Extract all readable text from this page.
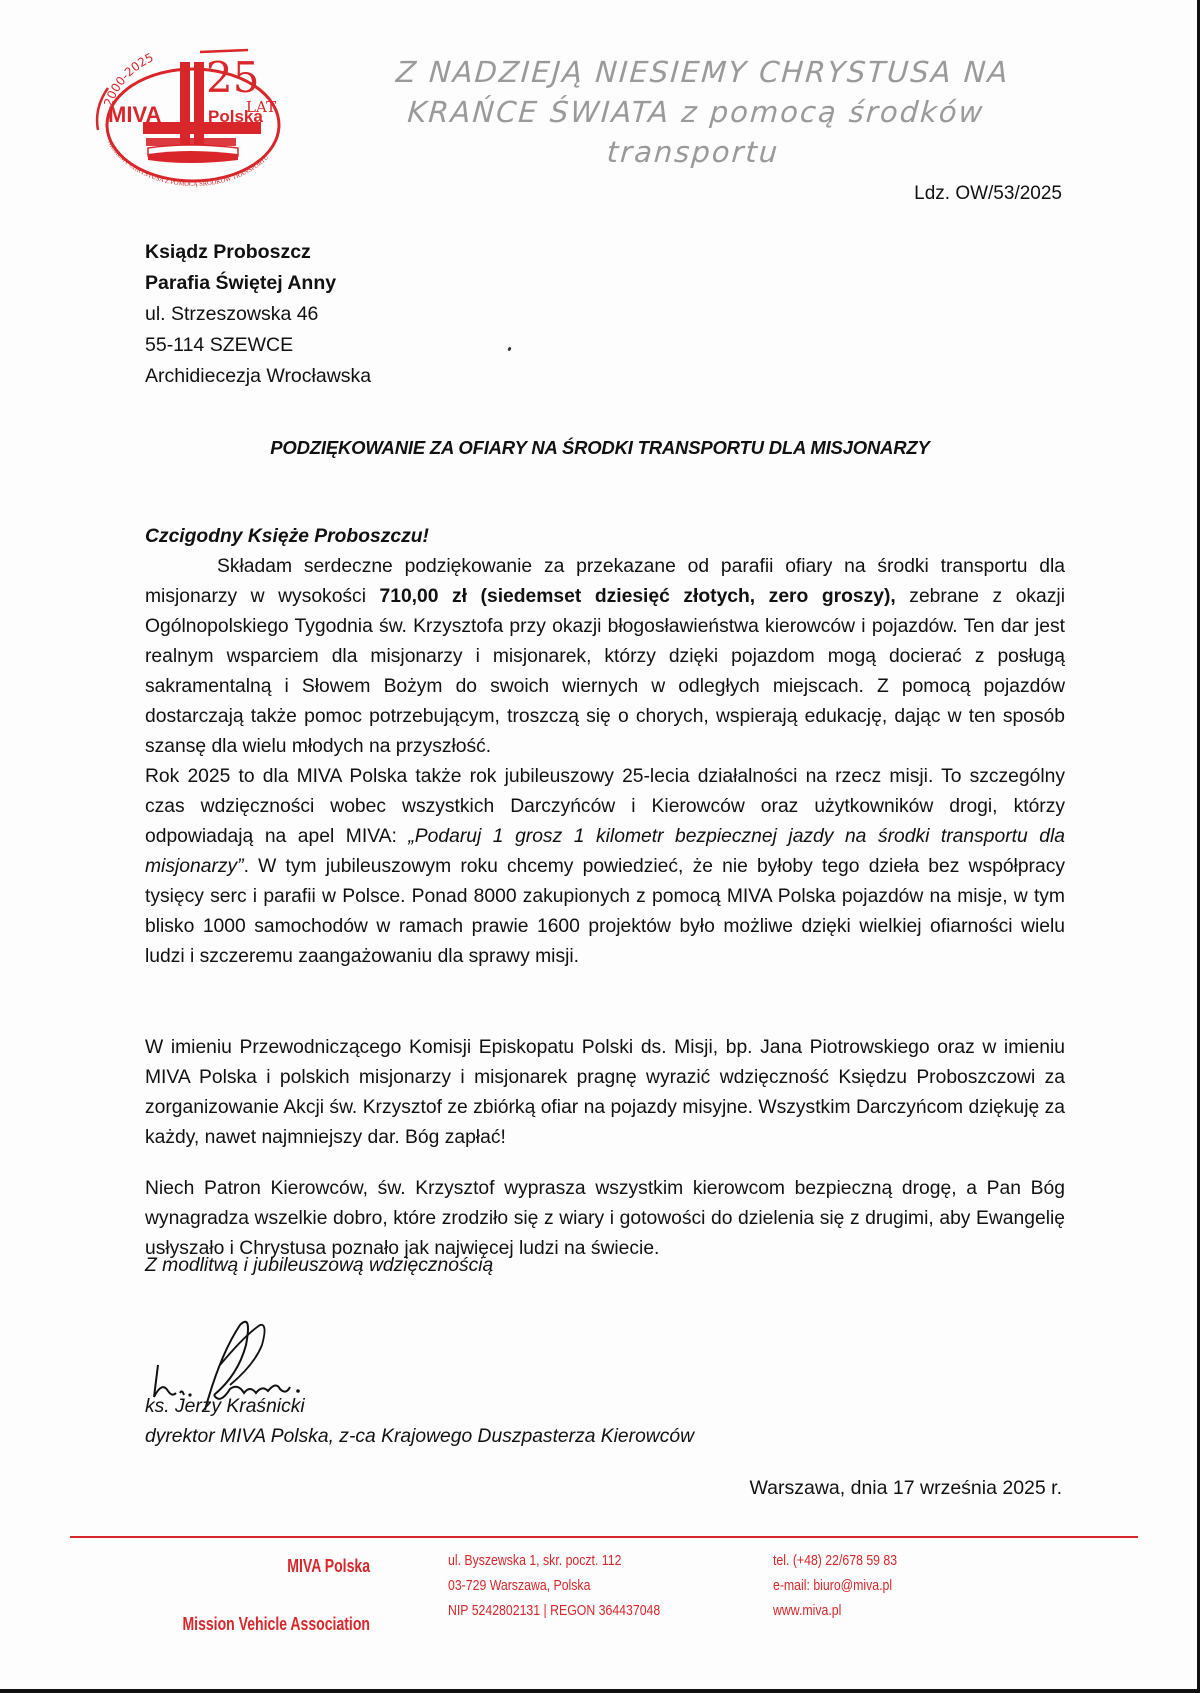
2000-2025 25
LAT
MIVA	Polska
NIESIEMY CHRYSTUSA Z POMOCĄ ŚRODKÓW TRANSPORTU
Z NADZIEJĄ NIESIEMY CHRYSTUSA NA
KRAŃCE ŚWIATA z pomocą środków transportu
Ldz. OW/53/2025
Ksiądz Proboszcz
Parafia Świętej Anny
ul. Strzeszowska 46
55-114 SZEWCE
Archidiecezja Wrocławska
PODZIĘKOWANIE ZA OFIARY NA ŚRODKI TRANSPORTU DLA MISJONARZY
Czcigodny Księże Proboszczu!

Składam serdeczne podziękowanie za przekazane od parafii ofiary na środki transportu dla misjonarzy w wysokości 710,00 zł (siedemset dziesięć złotych, zero groszy), zebrane z okazji Ogólnopolskiego Tygodnia św. Krzysztofa przy okazji błogosławieństwa kierowców i pojazdów. Ten dar jest realnym wsparciem dla misjonarzy i misjonarek, którzy dzięki pojazdom mogą docierać z posługą sakramentalną i Słowem Bożym do swoich wiernych w odległych miejscach. Z pomocą pojazdów dostarczają także pomoc potrzebującym, troszczą się o chorych, wspierają edukację, dając w ten sposób szansę dla wielu młodych na przyszłość.

Rok 2025 to dla MIVA Polska także rok jubileuszowy 25-lecia działalności na rzecz misji. To szczególny czas wdzięczności wobec wszystkich Darczyńców i Kierowców oraz użytkowników drogi, którzy odpowiadają na apel MIVA: „Podaruj 1 grosz 1 kilometr bezpiecznej jazdy na środki transportu dla misjonarzy”. W tym jubileuszowym roku chcemy powiedzieć, że nie byłoby tego dzieła bez współpracy tysięcy serc i parafii w Polsce. Ponad 8000 zakupionych z pomocą MIVA Polska pojazdów na misje, w tym blisko 1000 samochodów w ramach prawie 1600 projektów było możliwe dzięki wielkiej ofiarności wielu ludzi i szczeremu zaangażowaniu dla sprawy misji.

W imieniu Przewodniczącego Komisji Episkopatu Polski ds. Misji, bp. Jana Piotrowskiego oraz w imieniu MIVA Polska i polskich misjonarzy i misjonarek pragnę wyrazić wdzięczność Księdzu Proboszczowi za zorganizowanie Akcji św. Krzysztof ze zbiórką ofiar na pojazdy misyjne. Wszystkim Darczyńcom dziękuję za każdy, nawet najmniejszy dar. Bóg zapłać!

Niech Patron Kierowców, św. Krzysztof wyprasza wszystkim kierowcom bezpieczną drogę, a Pan Bóg wynagradza wszelkie dobro, które zrodziło się z wiary i gotowości do dzielenia się z drugimi, aby Ewangelię usłyszało i Chrystusa poznało jak najwięcej ludzi na świecie.

Z modlitwą i jubileuszową wdzięcznością
ks. Jerzy Kraśnicki
dyrektor MIVA Polska, z-ca Krajowego Duszpasterza Kierowców
Warszawa, dnia 17 września 2025 r.
MIVA Polska
Mission Vehicle Association
ul. Byszewska 1, skr. poczt. 112
03-729 Warszawa, Polska
NIP 5242802131 | REGON 364437048
tel. (+48) 22/678 59 83
e-mail: biuro@miva.pl
www.miva.pl
